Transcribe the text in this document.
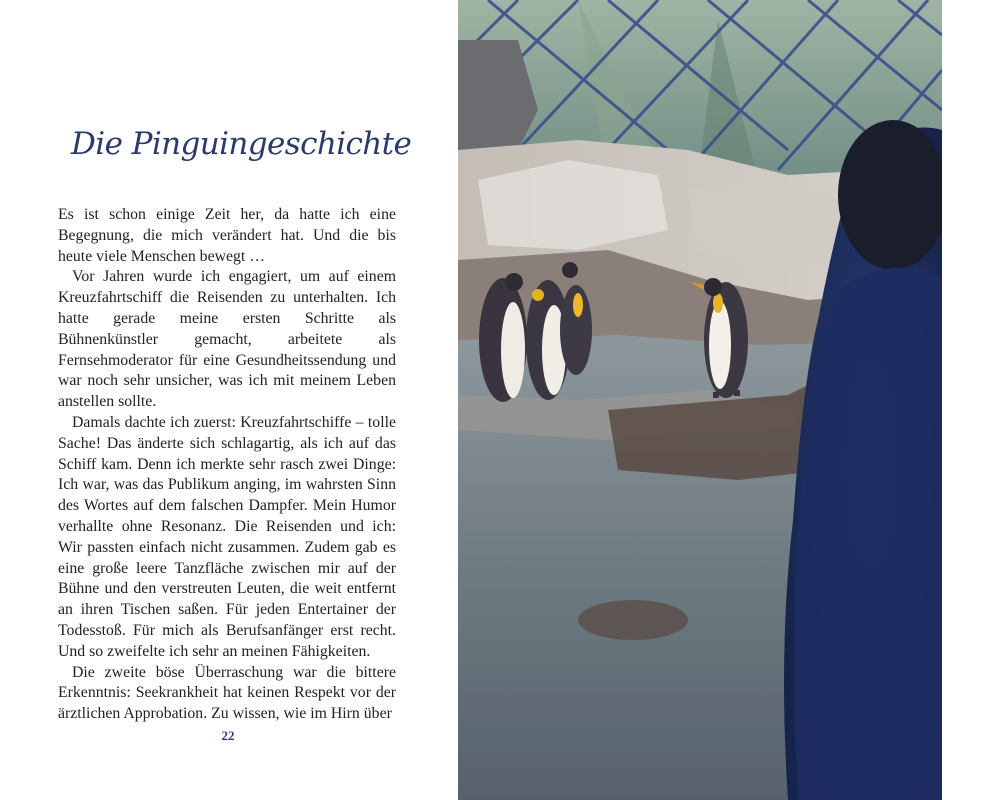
Die Pinguingeschichte

Es ist schon einige Zeit her, da hatte ich eine Begegnung, die mich verändert hat. Und die bis heute viele Menschen bewegt …

Vor Jahren wurde ich engagiert, um auf einem Kreuzfahrtschiff die Reisenden zu unterhalten. Ich hatte gerade meine ersten Schritte als Bühnenkünstler gemacht, arbeitete als Fernsehmoderator für eine Gesundheitssendung und war noch sehr unsicher, was ich mit meinem Leben anstellen sollte.

Damals dachte ich zuerst: Kreuzfahrtschiffe – tolle Sache! Das änderte sich schlagartig, als ich auf das Schiff kam. Denn ich merkte sehr rasch zwei Dinge: Ich war, was das Publikum anging, im wahrsten Sinn des Wortes auf dem falschen Dampfer. Mein Humor verhallte ohne Resonanz. Die Reisenden und ich: Wir passten einfach nicht zusammen. Zudem gab es eine große leere Tanzfläche zwischen mir auf der Bühne und den verstreuten Leuten, die weit entfernt an ihren Tischen saßen. Für jeden Entertainer der Todesstoß. Für mich als Berufsanfänger erst recht. Und so zweifelte ich sehr an meinen Fähigkeiten.

Die zweite böse Überraschung war die bittere Erkenntnis: Seekrankheit hat keinen Respekt vor der ärztlichen Approbation. Zu wissen, wie im Hirn über

22
